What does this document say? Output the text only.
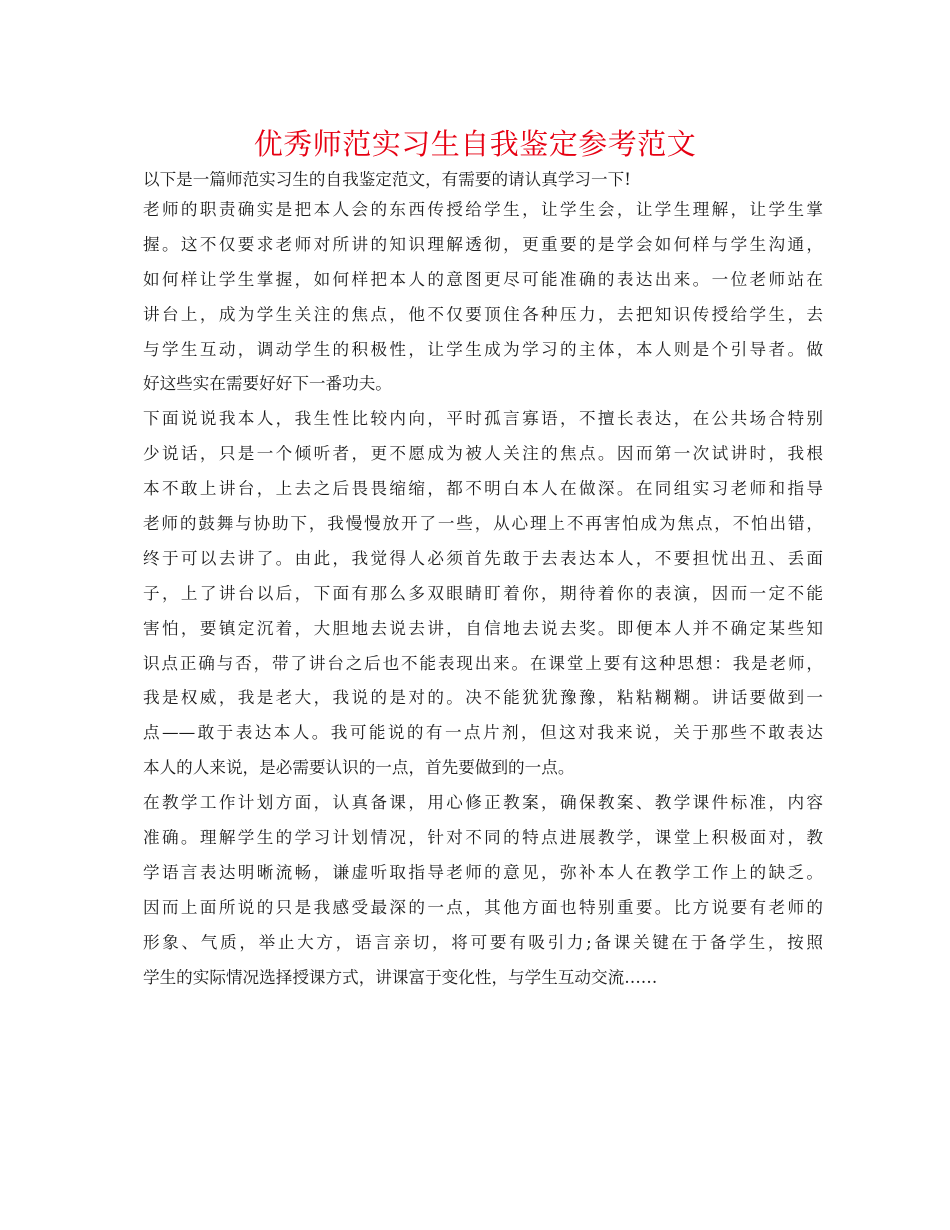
优秀师范实习生自我鉴定参考范文
以下是一篇师范实习生的自我鉴定范文，有需要的请认真学习一下!
老师的职责确实是把本人会的东西传授给学生，让学生会，让学生理解，让学生掌
握。这不仅要求老师对所讲的知识理解透彻，更重要的是学会如何样与学生沟通，
如何样让学生掌握，如何样把本人的意图更尽可能准确的表达出来。一位老师站在
讲台上，成为学生关注的焦点，他不仅要顶住各种压力，去把知识传授给学生，去
与学生互动，调动学生的积极性，让学生成为学习的主体，本人则是个引导者。做
好这些实在需要好好下一番功夫。
下面说说我本人，我生性比较内向，平时孤言寡语，不擅长表达，在公共场合特别
少说话，只是一个倾听者，更不愿成为被人关注的焦点。因而第一次试讲时，我根
本不敢上讲台，上去之后畏畏缩缩，都不明白本人在做深。在同组实习老师和指导
老师的鼓舞与协助下，我慢慢放开了一些，从心理上不再害怕成为焦点，不怕出错，
终于可以去讲了。由此，我觉得人必须首先敢于去表达本人，不要担忧出丑、丢面
子，上了讲台以后，下面有那么多双眼睛盯着你，期待着你的表演，因而一定不能
害怕，要镇定沉着，大胆地去说去讲，自信地去说去奖。即便本人并不确定某些知
识点正确与否，带了讲台之后也不能表现出来。在课堂上要有这种思想：我是老师，
我是权威，我是老大，我说的是对的。决不能犹犹豫豫，粘粘糊糊。讲话要做到一
点——敢于表达本人。我可能说的有一点片剂，但这对我来说，关于那些不敢表达
本人的人来说，是必需要认识的一点，首先要做到的一点。
在教学工作计划方面，认真备课，用心修正教案，确保教案、教学课件标准，内容
准确。理解学生的学习计划情况，针对不同的特点进展教学，课堂上积极面对，教
学语言表达明晰流畅，谦虚听取指导老师的意见，弥补本人在教学工作上的缺乏。
因而上面所说的只是我感受最深的一点，其他方面也特别重要。比方说要有老师的
形象、气质，举止大方，语言亲切，将可要有吸引力;备课关键在于备学生，按照
学生的实际情况选择授课方式，讲课富于变化性，与学生互动交流……
